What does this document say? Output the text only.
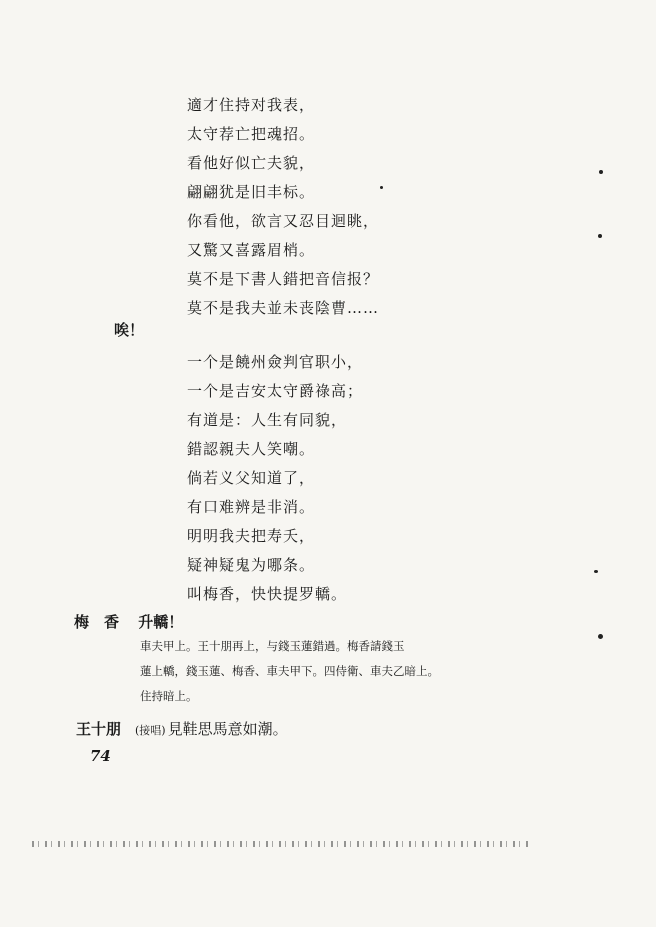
適才住持对我表，
太守荐亡把魂招。
看他好似亡夫貌，
翩翩犹是旧丰标。
你看他，欲言又忍目迴眺，
又驚又喜露眉梢。
莫不是下書人錯把音信报？
莫不是我夫並未丧陰曹……
唉！
一个是饒州僉判官职小，
一个是吉安太守爵祿高；
有道是：人生有同貌，
錯認親夫人笑嘲。
倘若义父知道了，
有口难辨是非消。
明明我夫把寿夭，
疑神疑鬼为哪条。
叫梅香，快快提罗轎。
梅　香 升轎！
車夫甲上。王十朋再上，与錢玉蓮錯過。梅香請錢玉
蓮上轎，錢玉蓮、梅香、車夫甲下。四侍衛、車夫乙暗上。
住持暗上。
王十朋 (接唱) 見鞋思馬意如潮。
74
